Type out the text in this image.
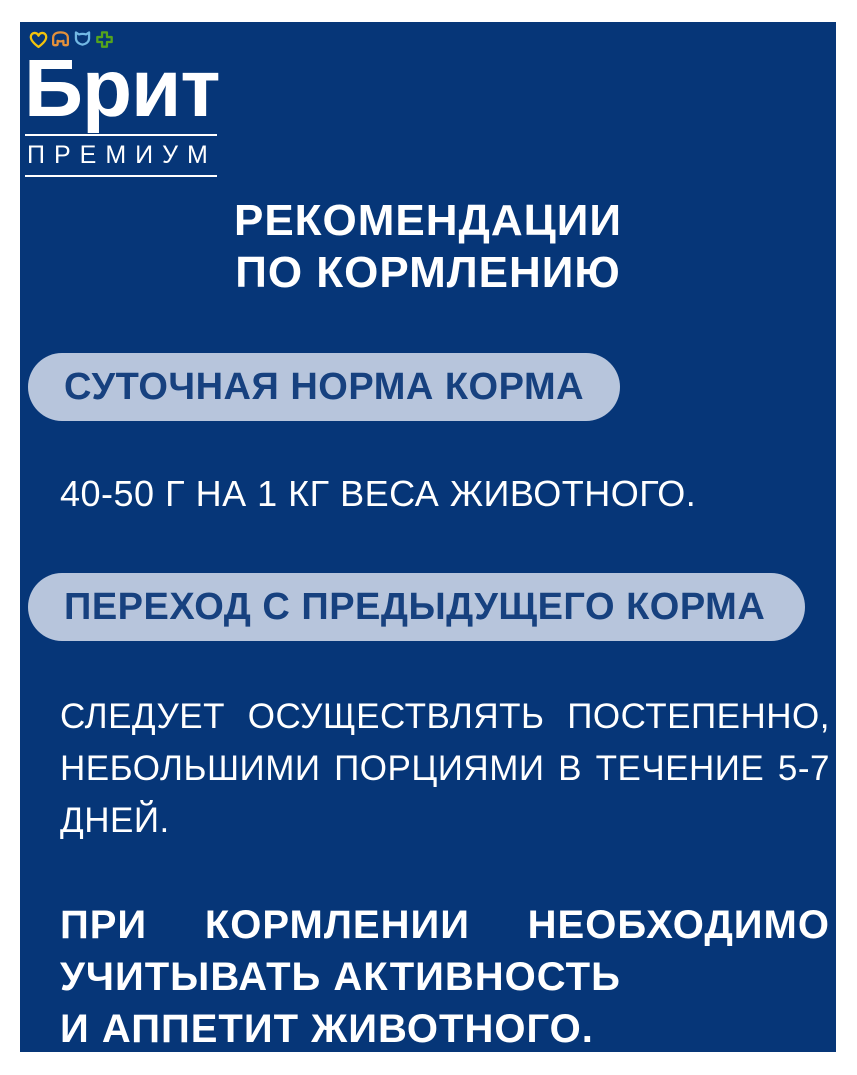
Брит
ПРЕМИУМ
РЕКОМЕНДАЦИИ
ПО КОРМЛЕНИЮ
СУТОЧНАЯ НОРМА КОРМА
40-50 Г НА 1 КГ ВЕСА ЖИВОТНОГО.
ПЕРЕХОД С ПРЕДЫДУЩЕГО КОРМА
СЛЕДУЕТ ОСУЩЕСТВЛЯТЬ ПОСТЕПЕННО,
НЕБОЛЬШИМИ ПОРЦИЯМИ В ТЕЧЕНИЕ 5-7
ДНЕЙ.
ПРИ КОРМЛЕНИИ НЕОБХОДИМО
УЧИТЫВАТЬ АКТИВНОСТЬ
И АППЕТИТ ЖИВОТНОГО.
